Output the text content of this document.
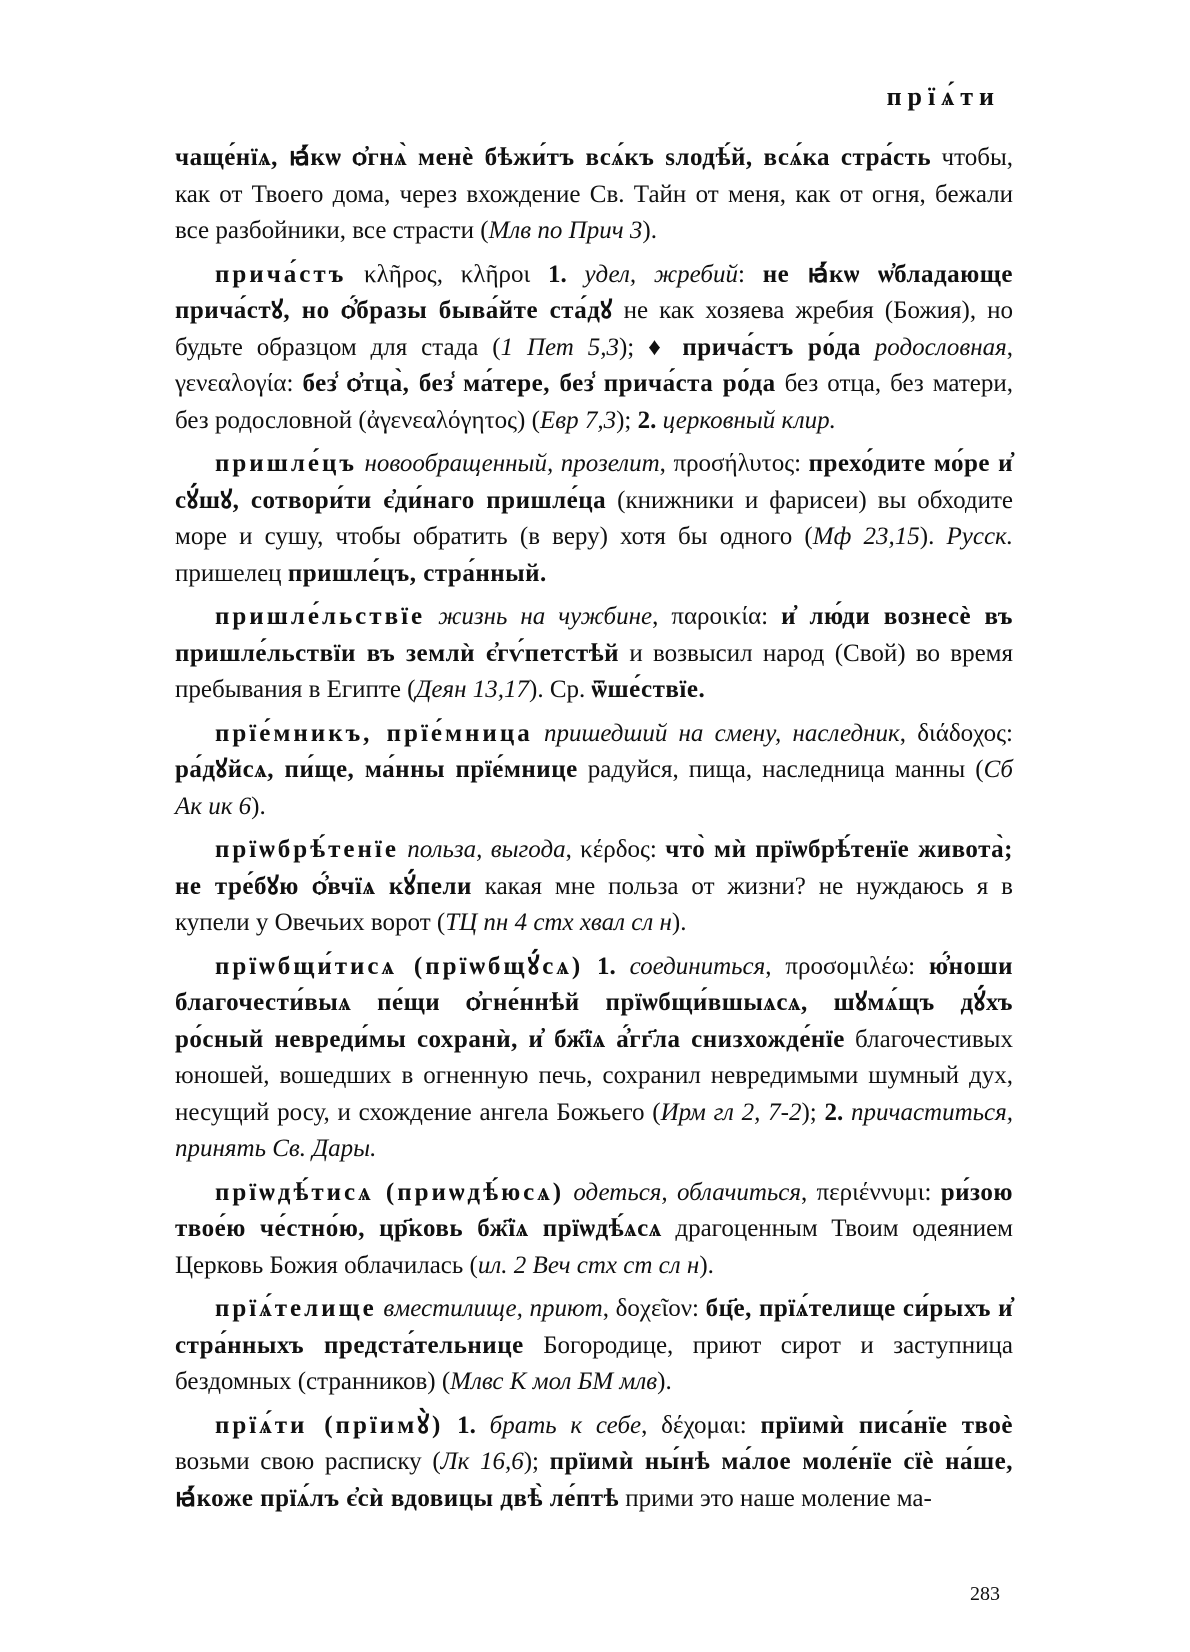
прїѧ́ти

чаще́нїѧ, ꙗ҆́кѡ ѻ҆гнѧ̀ менѐ бѣжи́тъ всѧ́къ ѕлодѣ́й, всѧ́ка стра́сть чтобы, как от Твоего дома, через вхождение Св. Тайн от меня, как от огня, бежали все разбойники, все страсти (Млв по Прич 3).

прича́стъ κλῆρος, κλῆροι 1. удел, жребий: не ꙗ҆́кѡ ѡ҆бладающе прича́стꙋ, но ѻ҆́бразы быва́йте ста́дꙋ не как хозяева жребия (Божия), но будьте образцом для стада (1 Пет 5,3); ♦ прича́стъ ро́да родословная, γενεαλογία: без̾ ѻ҆тца̀, без̾ ма́тере, без̾ прича́ста ро́да без отца, без матери, без родословной (ἀγενεαλόγητος) (Евр 7,3); 2. церковный клир.

пришле́цъ новообращенный, прозелит, προσήλυτος: прехо́дите мо́ре и҆ сꙋ́шꙋ, сотвори́ти є҆ди́наго пришле́ца (книжники и фарисеи) вы обходите море и сушу, чтобы обратить (в веру) хотя бы одного (Мф 23,15). Русск. пришелец пришле́цъ, стра́нный.

пришле́льствїе жизнь на чужбине, παροικία: и҆ лю́ди вознесѐ въ пришле́льствїи въ землѝ є҆гѵ́петстѣй и возвысил народ (Свой) во время пребывания в Египте (Деян 13,17). Ср. ѿше́ствїе.

прїе́мникъ, прїе́мница пришедший на смену, наследник, διάδοχος: ра́дꙋйсѧ, пи́ще, ма́нны прїе́мнице радуйся, пища, наследница манны (Сб Ак ик 6).

прїѡбрѣ́тенїе польза, выгода, κέρδος: что̀ мѝ прїѡбрѣ́тенїе живота̀; не тре́бꙋю ѻ҆́вчїѧ кꙋ́пели какая мне польза от жизни? не нуждаюсь я в купели у Овечьих ворот (ТЦ пн 4 стх хвал сл н).

прїѡбщи́тисѧ (прїѡбщꙋ́сѧ) 1. соединиться, προσομιλέω: ю҆́ноши благочести́выѧ пе́щи ѻ҆гне́ннѣй прїѡбщи́вшыѧсѧ, шꙋмѧ́щъ дꙋ́хъ ро́сный невреди́мы сохранѝ, и҆ бж҃їѧ а҆́гг҃ла снизхожде́нїе благочестивых юношей, вошедших в огненную печь, сохранил невредимыми шумный дух, несущий росу, и схождение ангела Божьего (Ирм гл 2, 7-2); 2. причаститься, принять Св. Дары.

прїѡдѣ́тисѧ (приѡдѣ́юсѧ) одеться, облачиться, περιέννυμι: ри́зою твое́ю че́стно́ю, цр҃ковь бж҃їѧ прїѡдѣ́ѧсѧ драгоценным Твоим одеянием Церковь Божия облачилась (ил. 2 Веч стх ст сл н).

прїѧ́телище вместилище, приют, δοχεῖον: бц҃е, прїѧ́телище си́рыхъ и҆ стра́нныхъ предста́тельнице Богородице, приют сирот и заступница бездомных (странников) (Млвс К мол БМ млв).

прїѧ́ти (прїимꙋ̀) 1. брать к себе, δέχομαι: прїимѝ писа́нїе твоѐ возьми свою расписку (Лк 16,6); прїимѝ ны́нѣ ма́лое моле́нїе сїѐ на́ше, ꙗ҆́коже прїѧ́лъ є҆сѝ вдовицы двѣ̀ ле́птѣ прими это наше моление ма-

283
